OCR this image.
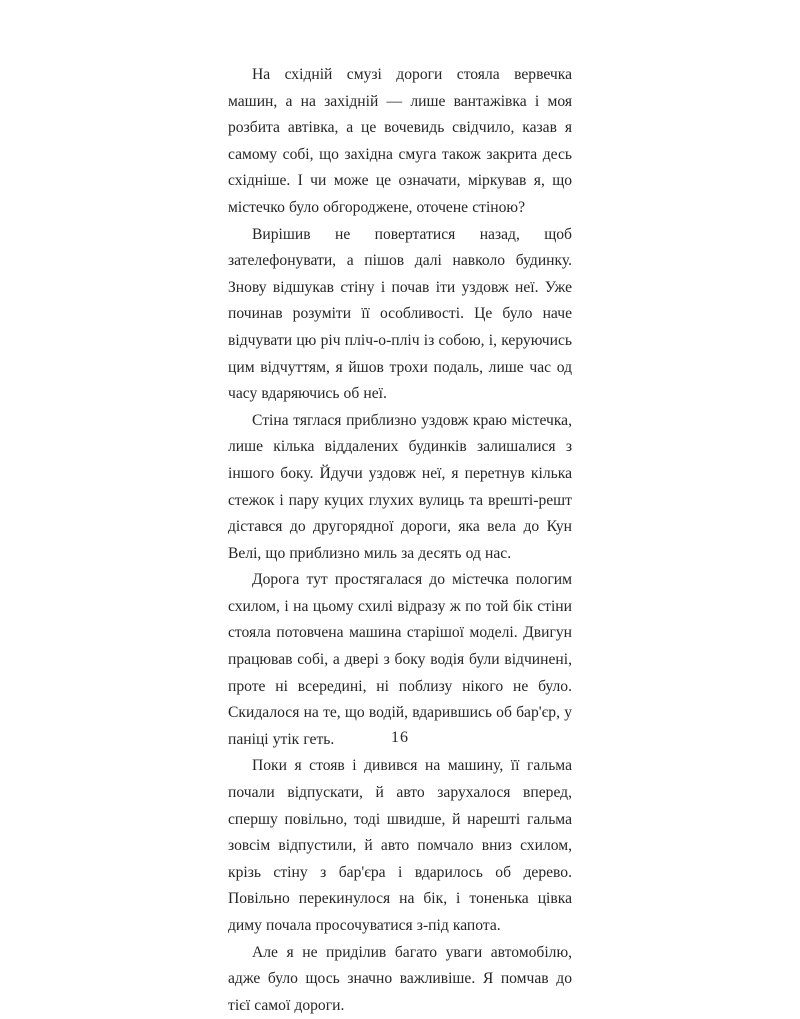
На східній смузі дороги стояла вервечка машин, а на західній — лише вантажівка і моя розбита автівка, а це вочевидь свідчило, казав я самому собі, що західна смуга також закрита десь східніше. І чи може це означати, міркував я, що містечко було обгороджене, оточене стіною?

Вирішив не повертатися назад, щоб зателефонувати, а пішов далі навколо будинку. Знову відшукав стіну і почав іти уздовж неї. Уже починав розуміти її особливості. Це було наче відчувати цю річ пліч-о-пліч із собою, і, керуючись цим відчуттям, я йшов трохи подаль, лише час од часу вдаряючись об неї.

Стіна тяглася приблизно уздовж краю містечка, лише кілька віддалених будинків залишалися з іншого боку. Йдучи уздовж неї, я перетнув кілька стежок і пару куцих глухих вулиць та врешті-решт дістався до другорядної дороги, яка вела до Кун Велі, що приблизно миль за десять од нас.

Дорога тут простягалася до містечка пологим схилом, і на цьому схилі відразу ж по той бік стіни стояла потовчена машина старішої моделі. Двигун працював собі, а двері з боку водія були відчинені, проте ні всередині, ні поблизу нікого не було. Скидалося на те, що водій, вдарившись об бар'єр, у паніці утік геть.

Поки я стояв і дивився на машину, її гальма почали відпускати, й авто зарухалося вперед, спершу повільно, тоді швидше, й нарешті гальма зовсім відпустили, й авто помчало вниз схилом, крізь стіну з бар'єра і вдарилось об дерево. Повільно перекинулося на бік, і тоненька цівка диму почала просочуватися з-під капота.

Але я не приділив багато уваги автомобілю, адже було щось значно важливіше. Я помчав до тієї самої дороги.

16
